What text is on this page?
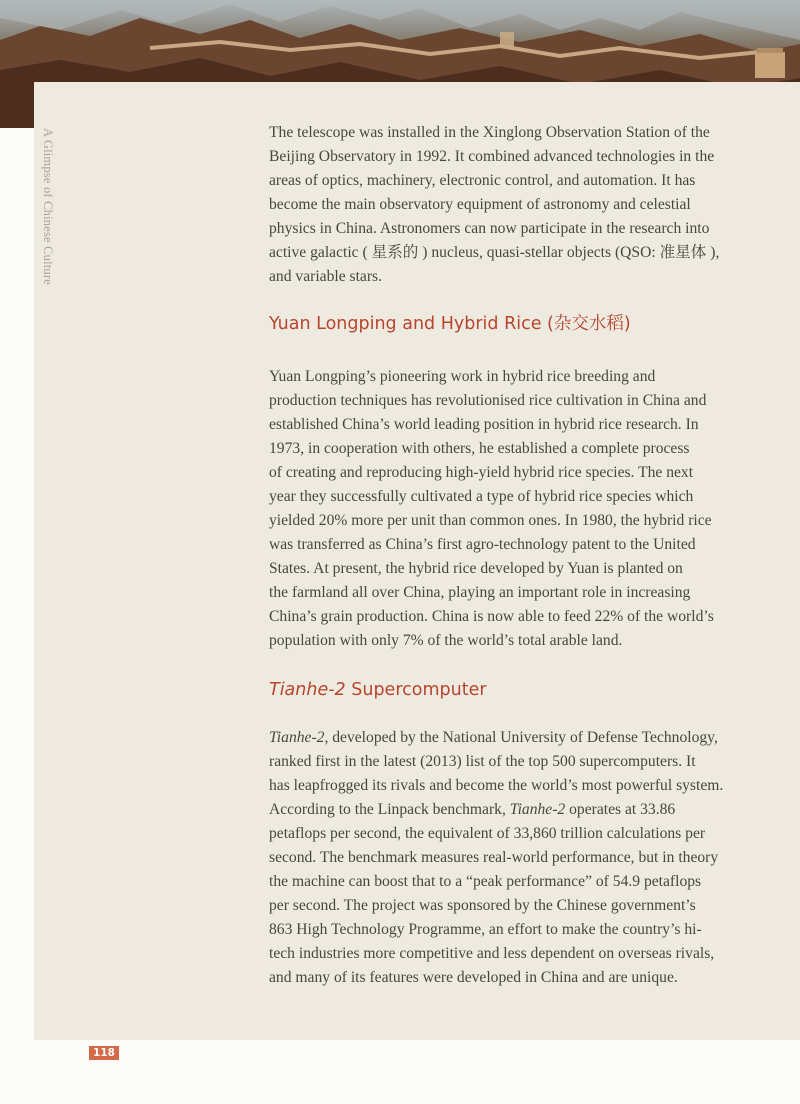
A Glimpse of Chinese Culture	The telescope was installed in the Xinglong Observation Station of the
Beijing Observatory in 1992. It combined advanced technologies in the
areas of optics, machinery, electronic control, and automation. It has
become the main observatory equipment of astronomy and celestial
physics in China. Astronomers can now participate in the research into
active galactic ( 星系的 ) nucleus, quasi-stellar objects (QSO: 准星体 ),
and variable stars.

Yuan Longping and Hybrid Rice (杂交水稻)

Yuan Longping’s pioneering work in hybrid rice breeding and
production techniques has revolutionised rice cultivation in China and
established China’s world leading position in hybrid rice research. In
1973, in cooperation with others, he established a complete process
of creating and reproducing high-yield hybrid rice species. The next
year they successfully cultivated a type of hybrid rice species which
yielded 20% more per unit than common ones. In 1980, the hybrid rice
was transferred as China’s first agro-technology patent to the United
States. At present, the hybrid rice developed by Yuan is planted on
the farmland all over China, playing an important role in increasing
China’s grain production. China is now able to feed 22% of the world’s
population with only 7% of the world’s total arable land.

Tianhe-2 Supercomputer

Tianhe-2, developed by the National University of Defense Technology,
ranked first in the latest (2013) list of the top 500 supercomputers. It
has leapfrogged its rivals and become the world’s most powerful system.
According to the Linpack benchmark, Tianhe-2 operates at 33.86
petaflops per second, the equivalent of 33,860 trillion calculations per
second. The benchmark measures real-world performance, but in theory
the machine can boost that to a “peak performance” of 54.9 petaflops
per second. The project was sponsored by the Chinese government’s
863 High Technology Programme, an effort to make the country’s hi-
tech industries more competitive and less dependent on overseas rivals,
and many of its features were developed in China and are unique.

118
